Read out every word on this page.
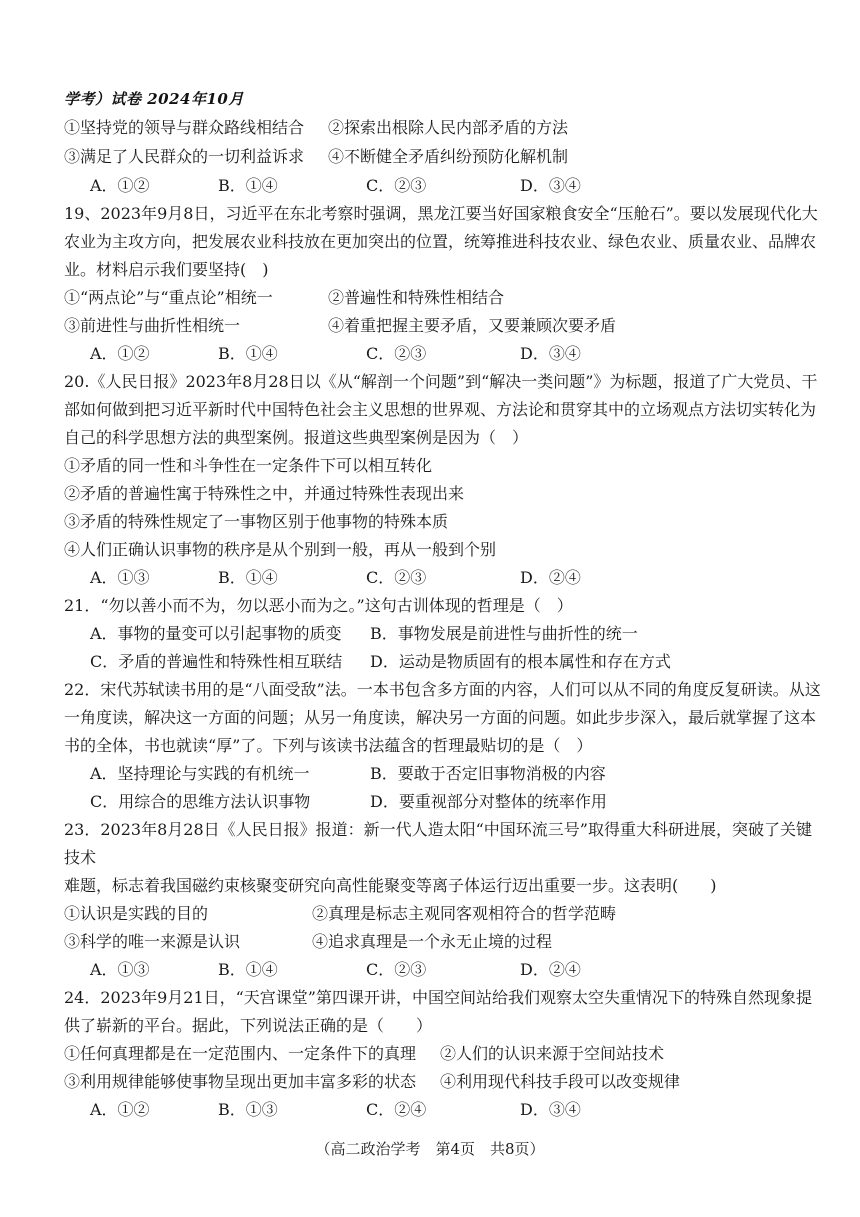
学考）试卷 2024年10月
①坚持党的领导与群众路线相结合 ②探索出根除人民内部矛盾的方法
③满足了人民群众的一切利益诉求 ④不断健全矛盾纠纷预防化解机制
A．①②	B．①④	C．②③	D．③④
19、2023年9月8日，习近平在东北考察时强调，黑龙江要当好国家粮食安全“压舱石”。要以发展现代化大
农业为主攻方向，把发展农业科技放在更加突出的位置，统筹推进科技农业、绿色农业、质量农业、品牌农
业。材料启示我们要坚持(　)
①“两点论”与“重点论”相统一	②普遍性和特殊性相结合
③前进性与曲折性相统一	④着重把握主要矛盾，又要兼顾次要矛盾
A．①②	B．①④	C．②③	D．③④
20.《人民日报》2023年8月28日以《从“解剖一个问题”到“解决一类问题”》为标题，报道了广大党员、干
部如何做到把习近平新时代中国特色社会主义思想的世界观、方法论和贯穿其中的立场观点方法切实转化为
自己的科学思想方法的典型案例。报道这些典型案例是因为（　）
①矛盾的同一性和斗争性在一定条件下可以相互转化
②矛盾的普遍性寓于特殊性之中，并通过特殊性表现出来
③矛盾的特殊性规定了一事物区别于他事物的特殊本质
④人们正确认识事物的秩序是从个别到一般，再从一般到个别
A．①③	B．①④	C．②③	D．②④
21．“勿以善小而不为，勿以恶小而为之。”这句古训体现的哲理是（　）
A．事物的量变可以引起事物的质变 B．事物发展是前进性与曲折性的统一
C．矛盾的普遍性和特殊性相互联结 D．运动是物质固有的根本属性和存在方式
22．宋代苏轼读书用的是“八面受敌”法。一本书包含多方面的内容，人们可以从不同的角度反复研读。从这
一角度读，解决这一方面的问题；从另一角度读，解决另一方面的问题。如此步步深入，最后就掌握了这本
书的全体，书也就读“厚”了。下列与该读书法蕴含的哲理最贴切的是（　）
A．坚持理论与实践的有机统一	B．要敢于否定旧事物消极的内容
C．用综合的思维方法认识事物	D．要重视部分对整体的统率作用
23．2023年8月28日《人民日报》报道：新一代人造太阳“中国环流三号”取得重大科研进展，突破了关键
技术
难题，标志着我国磁约束核聚变研究向高性能聚变等离子体运行迈出重要一步。这表明(　　)
①认识是实践的目的	②真理是标志主观同客观相符合的哲学范畴
③科学的唯一来源是认识	④追求真理是一个永无止境的过程
A．①③	B．①④	C．②③	D．②④
24．2023年9月21日，“天宫课堂”第四课开讲，中国空间站给我们观察太空失重情况下的特殊自然现象提
供了崭新的平台。据此，下列说法正确的是（　　）
①任何真理都是在一定范围内、一定条件下的真理 ②人们的认识来源于空间站技术
③利用规律能够使事物呈现出更加丰富多彩的状态 ④利用现代科技手段可以改变规律
A．①②	B．①③	C．②④	D．③④
（高二政治学考　第4页　共8页）
